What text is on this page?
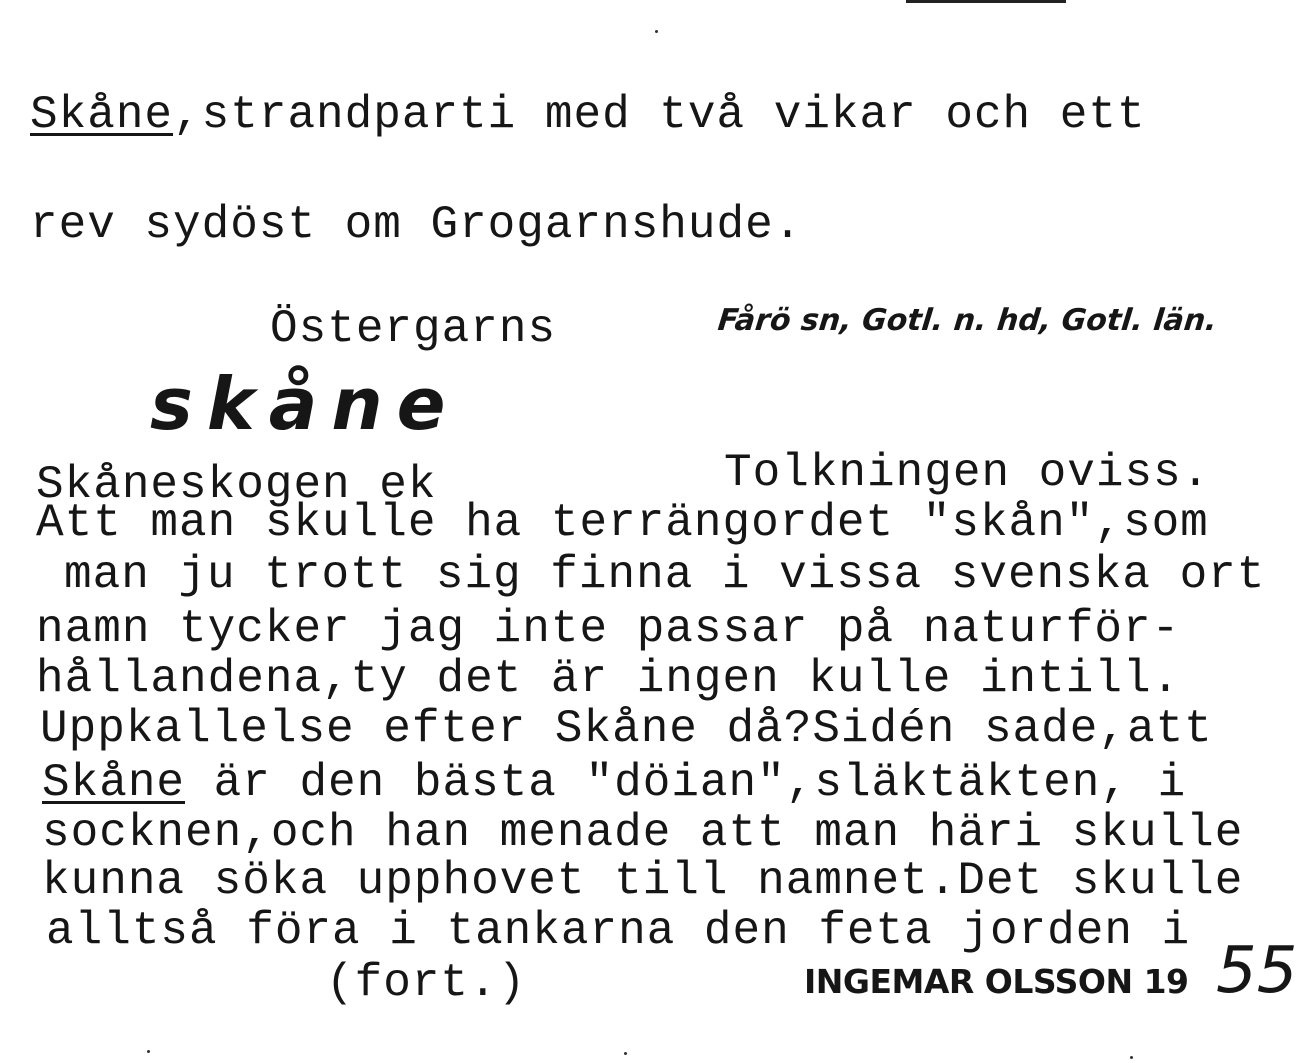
Skåne,strandparti med två vikar och ett
rev sydöst om Grogarnshude.
Östergarns	Fårö sn, Gotl. n. hd, Gotl. län.
skåne
Skåneskogen ek	Tolkningen oviss.
Att man skulle ha terrängordet "skån",som
man ju trott sig finna i vissa svenska ort
namn tycker jag inte passar på naturför-
hållandena,ty det är ingen kulle intill.
Uppkallelse efter Skåne då?Sidén sade,att
Skåne är den bästa "döian",släktäkten, i
socknen,och han menade att man häri skulle
kunna söka upphovet till namnet.Det skulle
alltså föra i tankarna den feta jorden i
(fort.)	INGEMAR OLSSON 19 55
